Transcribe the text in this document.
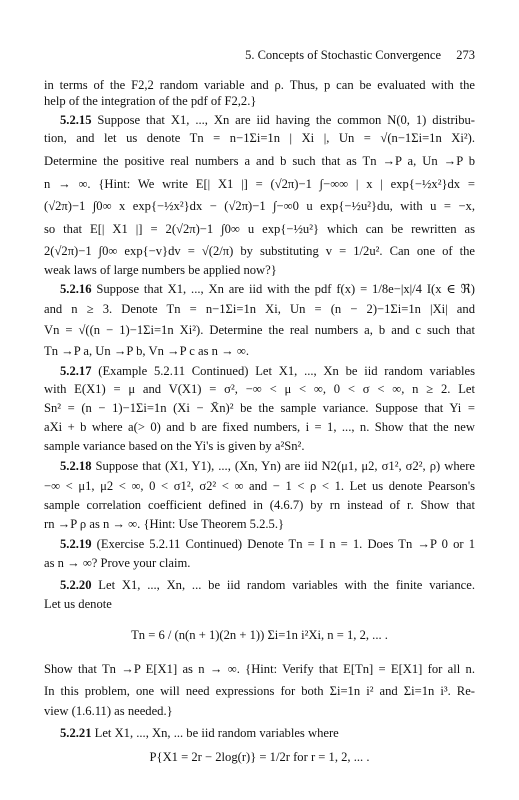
5. Concepts of Stochastic Convergence 273
in terms of the F2,2 random variable and ρ. Thus, p can be evaluated with the
help of the integration of the pdf of F2,2.}
5.2.15 Suppose that X1, ..., Xn are iid having the common N(0, 1) distribu-
tion, and let us denote Tn = n−1Σi=1n | Xi |, Un = √(n−1Σi=1n Xi²).
Determine the positive real numbers a and b such that as Tn →P a, Un →P b
n → ∞. {Hint: We write E[| X1 |] = (√2π)−1 ∫−∞∞ | x | exp{−½x²}dx =
(√2π)−1 ∫0∞ x exp{−½x²}dx − (√2π)−1 ∫−∞0 u exp{−½u²}du, with u = −x,
so that E[| X1 |] = 2(√2π)−1 ∫0∞ u exp{−½u²} which can be rewritten as
2(√2π)−1 ∫0∞ exp{−v}dv = √(2/π) by substituting v = 1/2u². Can one of the
weak laws of large numbers be applied now?}
5.2.16 Suppose that X1, ..., Xn are iid with the pdf f(x) = 1/8e−|x|/4 I(x ∈ ℜ)
and n ≥ 3. Denote Tn = n−1Σi=1n Xi, Un = (n − 2)−1Σi=1n |Xi| and
Vn = √((n − 1)−1Σi=1n Xi²). Determine the real numbers a, b and c such that
Tn →P a, Un →P b, Vn →P c as n → ∞.
5.2.17 (Example 5.2.11 Continued) Let X1, ..., Xn be iid random variables
with E(X1) = μ and V(X1) = σ², −∞ < μ < ∞, 0 < σ < ∞, n ≥ 2. Let
Sn² = (n − 1)−1Σi=1n (Xi − X̄n)² be the sample variance. Suppose that Yi =
aXi + b where a(> 0) and b are fixed numbers, i = 1, ..., n. Show that the new
sample variance based on the Yi's is given by a²Sn².
5.2.18 Suppose that (X1, Y1), ..., (Xn, Yn) are iid N2(μ1, μ2, σ1², σ2², ρ) where
−∞ < μ1, μ2 < ∞, 0 < σ1², σ2² < ∞ and − 1 < ρ < 1. Let us denote Pearson's
sample correlation coefficient defined in (4.6.7) by rn instead of r. Show that
rn →P ρ as n → ∞. {Hint: Use Theorem 5.2.5.}
5.2.19 (Exercise 5.2.11 Continued) Denote Tn = I n = 1. Does Tn →P 0 or 1
as n → ∞? Prove your claim.
5.2.20 Let X1, ..., Xn, ... be iid random variables with the finite variance.
Let us denote
Tn = 6 / (n(n + 1)(2n + 1)) Σi=1n i²Xi, n = 1, 2, ... .
Show that Tn →P E[X1] as n → ∞. {Hint: Verify that E[Tn] = E[X1] for all n.
In this problem, one will need expressions for both Σi=1n i² and Σi=1n i³. Re-
view (1.6.11) as needed.}
5.2.21 Let X1, ..., Xn, ... be iid random variables where
P{X1 = 2r − 2log(r)} = 1/2r for r = 1, 2, ... .
